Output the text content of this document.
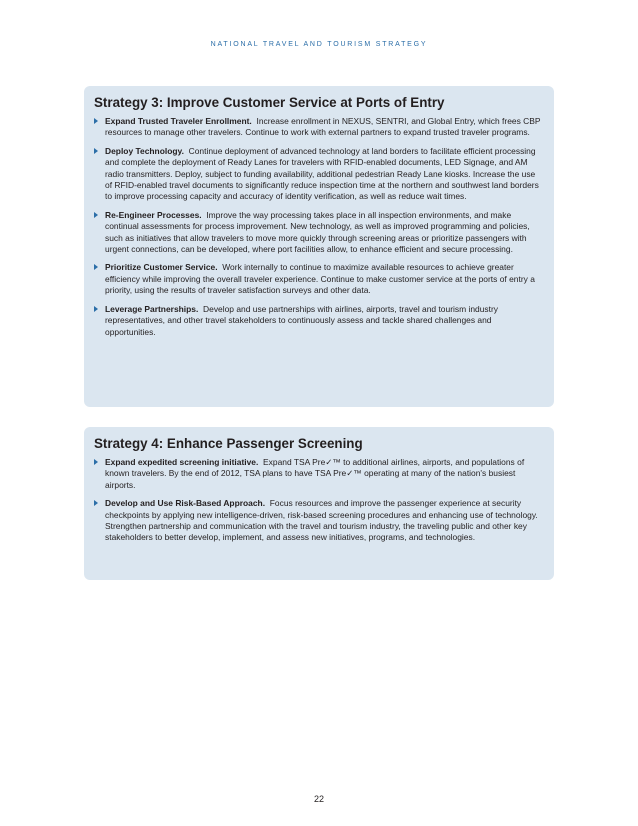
NATIONAL TRAVEL AND TOURISM STRATEGY
Strategy 3: Improve Customer Service at Ports of Entry
Expand Trusted Traveler Enrollment. Increase enrollment in NEXUS, SENTRI, and Global Entry, which frees CBP resources to manage other travelers. Continue to work with external partners to expand trusted traveler programs.
Deploy Technology. Continue deployment of advanced technology at land borders to facilitate efficient processing and complete the deployment of Ready Lanes for travelers with RFID-enabled documents, LED Signage, and AM radio transmitters. Deploy, subject to funding availability, additional pedestrian Ready Lane kiosks. Increase the use of RFID-enabled travel documents to significantly reduce inspection time at the northern and southwest land borders to improve processing capacity and accuracy of identity verification, as well as reduce wait times.
Re-Engineer Processes. Improve the way processing takes place in all inspection environments, and make continual assessments for process improvement. New technology, as well as improved programming and policies, such as initiatives that allow travelers to move more quickly through screening areas or prioritize passengers with urgent connections, can be developed, where port facilities allow, to enhance efficient and secure processing.
Prioritize Customer Service. Work internally to continue to maximize available resources to achieve greater efficiency while improving the overall traveler experience. Continue to make customer service at the ports of entry a priority, using the results of traveler satisfaction surveys and other data.
Leverage Partnerships. Develop and use partnerships with airlines, airports, travel and tourism industry representatives, and other travel stakeholders to continuously assess and tackle shared challenges and opportunities.
Strategy 4: Enhance Passenger Screening
Expand expedited screening initiative. Expand TSA Pre✓™ to additional airlines, airports, and populations of known travelers. By the end of 2012, TSA plans to have TSA Pre✓™ operating at many of the nation's busiest airports.
Develop and Use Risk-Based Approach. Focus resources and improve the passenger experience at security checkpoints by applying new intelligence-driven, risk-based screening procedures and enhancing use of technology. Strengthen partnership and communication with the travel and tourism industry, the traveling public and other key stakeholders to better develop, implement, and assess new initiatives, programs, and technologies.
22
